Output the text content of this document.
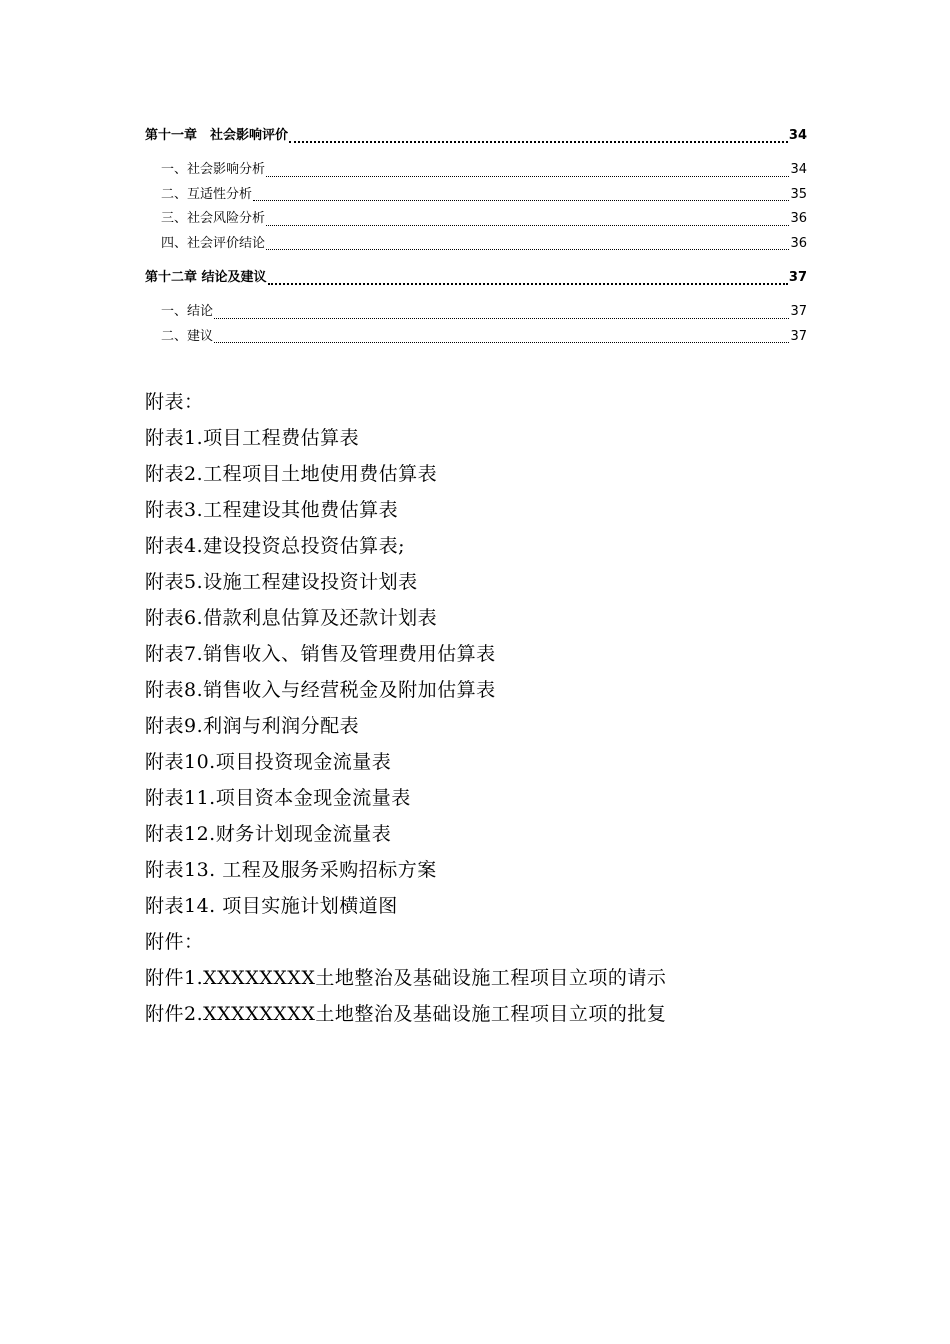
第十一章　社会影响评价	34
一、社会影响分析	34
二、互适性分析	35
三、社会风险分析	36
四、社会评价结论	36
第十二章 结论及建议	37
一、结论	37
二、建议	37
附表：
附表1.项目工程费估算表
附表2.工程项目土地使用费估算表
附表3.工程建设其他费估算表
附表4.建设投资总投资估算表;
附表5.设施工程建设投资计划表
附表6.借款利息估算及还款计划表
附表7.销售收入、销售及管理费用估算表
附表8.销售收入与经营税金及附加估算表
附表9.利润与利润分配表
附表10.项目投资现金流量表
附表11.项目资本金现金流量表
附表12.财务计划现金流量表
附表13. 工程及服务采购招标方案
附表14. 项目实施计划横道图
附件：
附件1.XXXXXXXX土地整治及基础设施工程项目立项的请示
附件2.XXXXXXXX土地整治及基础设施工程项目立项的批复
